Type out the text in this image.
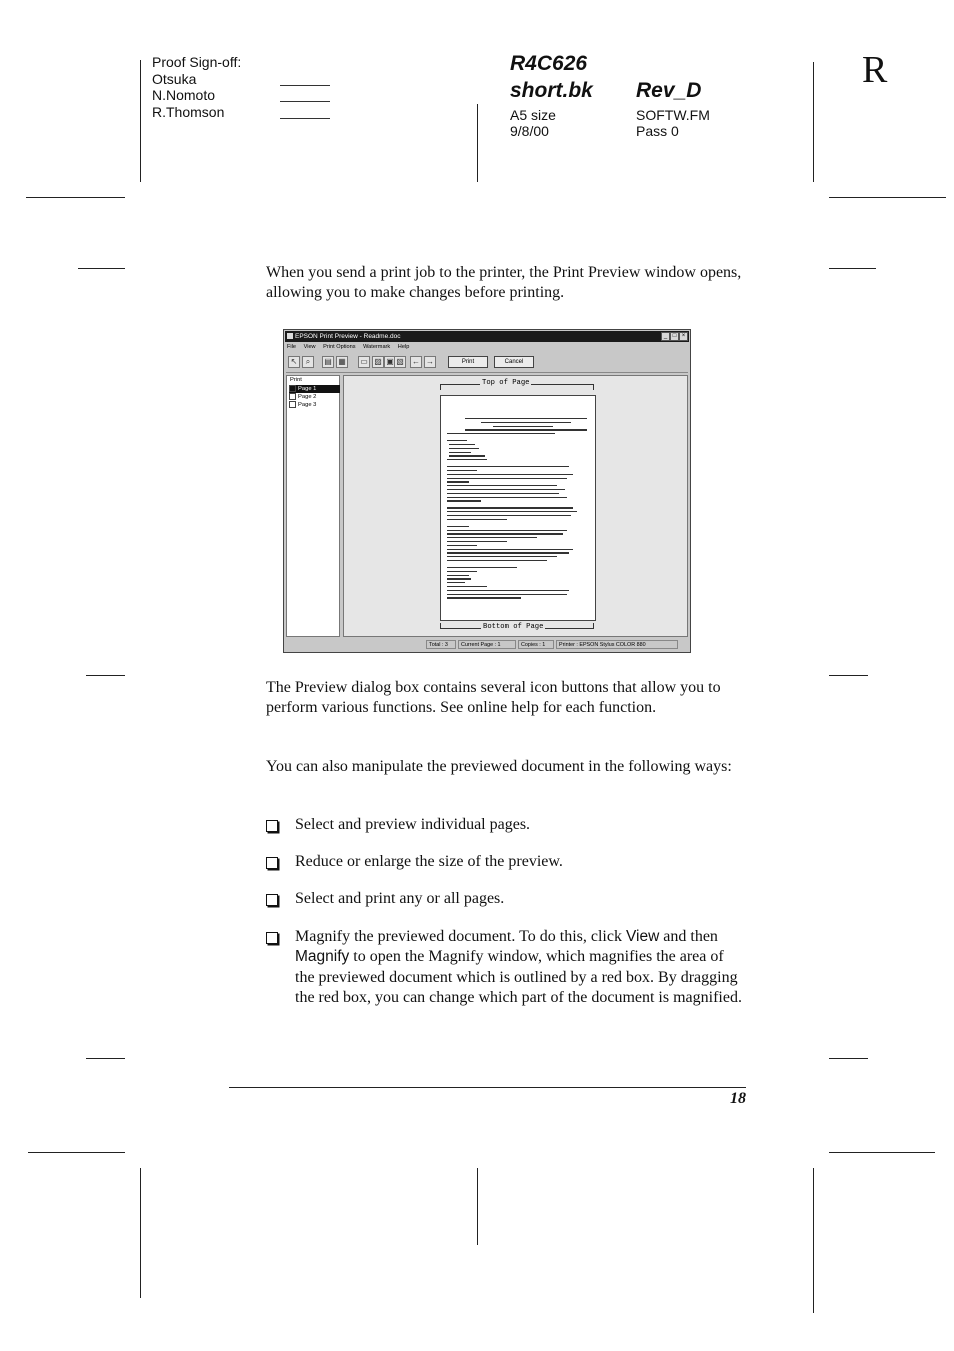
Proof Sign-off:
Otsuka
N.Nomoto
R.Thomson
R4C626
short.bk Rev_D
A5 size
9/8/00
SOFTW.FM
Pass 0
R
When you send a print job to the printer, the Print Preview window opens, allowing you to make changes before printing.
EPSON Print Preview - Readme.doc	_ □ ×
File View Print Options Watermark Help
↖	⌕	▤ ▦ ▭ ▨ ▣ ▧ ← →	Print	Cancel
Print
Page 1
Page 2
Page 3
Top of Page
Bottom of Page
Total : 3	Current Page : 1	Copies : 1	Printer : EPSON Stylus COLOR 880
The Preview dialog box contains several icon buttons that allow you to perform various functions. See online help for each function.
You can also manipulate the previewed document in the following ways:
Select and preview individual pages.
Reduce or enlarge the size of the preview.
Select and print any or all pages.
Magnify the previewed document. To do this, click View and then Magnify to open the Magnify window, which magnifies the area of the previewed document which is outlined by a red box. By dragging the red box, you can change which part of the document is magnified.
18
